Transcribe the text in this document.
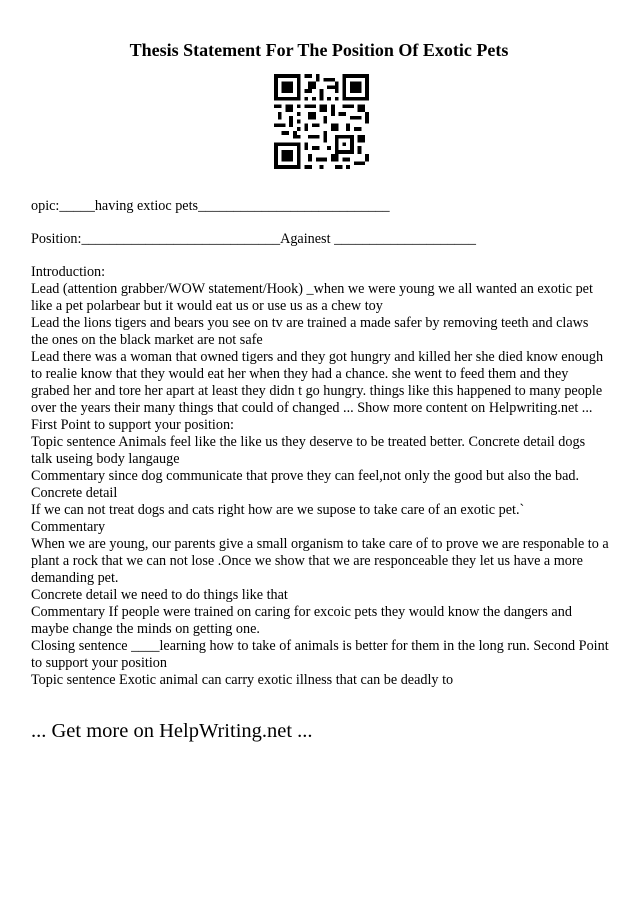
Thesis Statement For The Position Of Exotic Pets
opic:_____having extioc pets___________________________
Position:____________________________Againest ____________________

Introduction:

Lead (attention grabber/WOW statement/Hook) _when we were young we all wanted an exotic pet like a pet polarbear but it would eat us or use us as a chew toy

Lead the lions tigers and bears you see on tv are trained a made safer by removing teeth and claws the ones on the black market are not safe

Lead there was a woman that owned tigers and they got hungry and killed her she died know enough to realie know that they would eat her when they had a chance. she went to feed them and they grabed her and tore her apart at least they didn t go hungry. things like this happened to many people over the years their many things that could of changed ... Show more content on Helpwriting.net ...

First Point to support your position:

Topic sentence Animals feel like the like us they deserve to be treated better. Concrete detail dogs talk useing body langauge

Commentary since dog communicate that prove they can feel,not only the good but also the bad. Concrete detail

If we can not treat dogs and cats right how are we supose to take care of an exotic pet.`

Commentary

When we are young, our parents give a small organism to take care of to prove we are responable to a plant a rock that we can not lose .Once we show that we are responceable they let us have a more demanding pet.

Concrete detail we need to do things like that

Commentary If people were trained on caring for excoic pets they would know the dangers and maybe change the minds on getting one.

Closing sentence ____learning how to take of animals is better for them in the long run. Second Point to support your position

Topic sentence Exotic animal can carry exotic illness that can be deadly to

... Get more on HelpWriting.net ...
